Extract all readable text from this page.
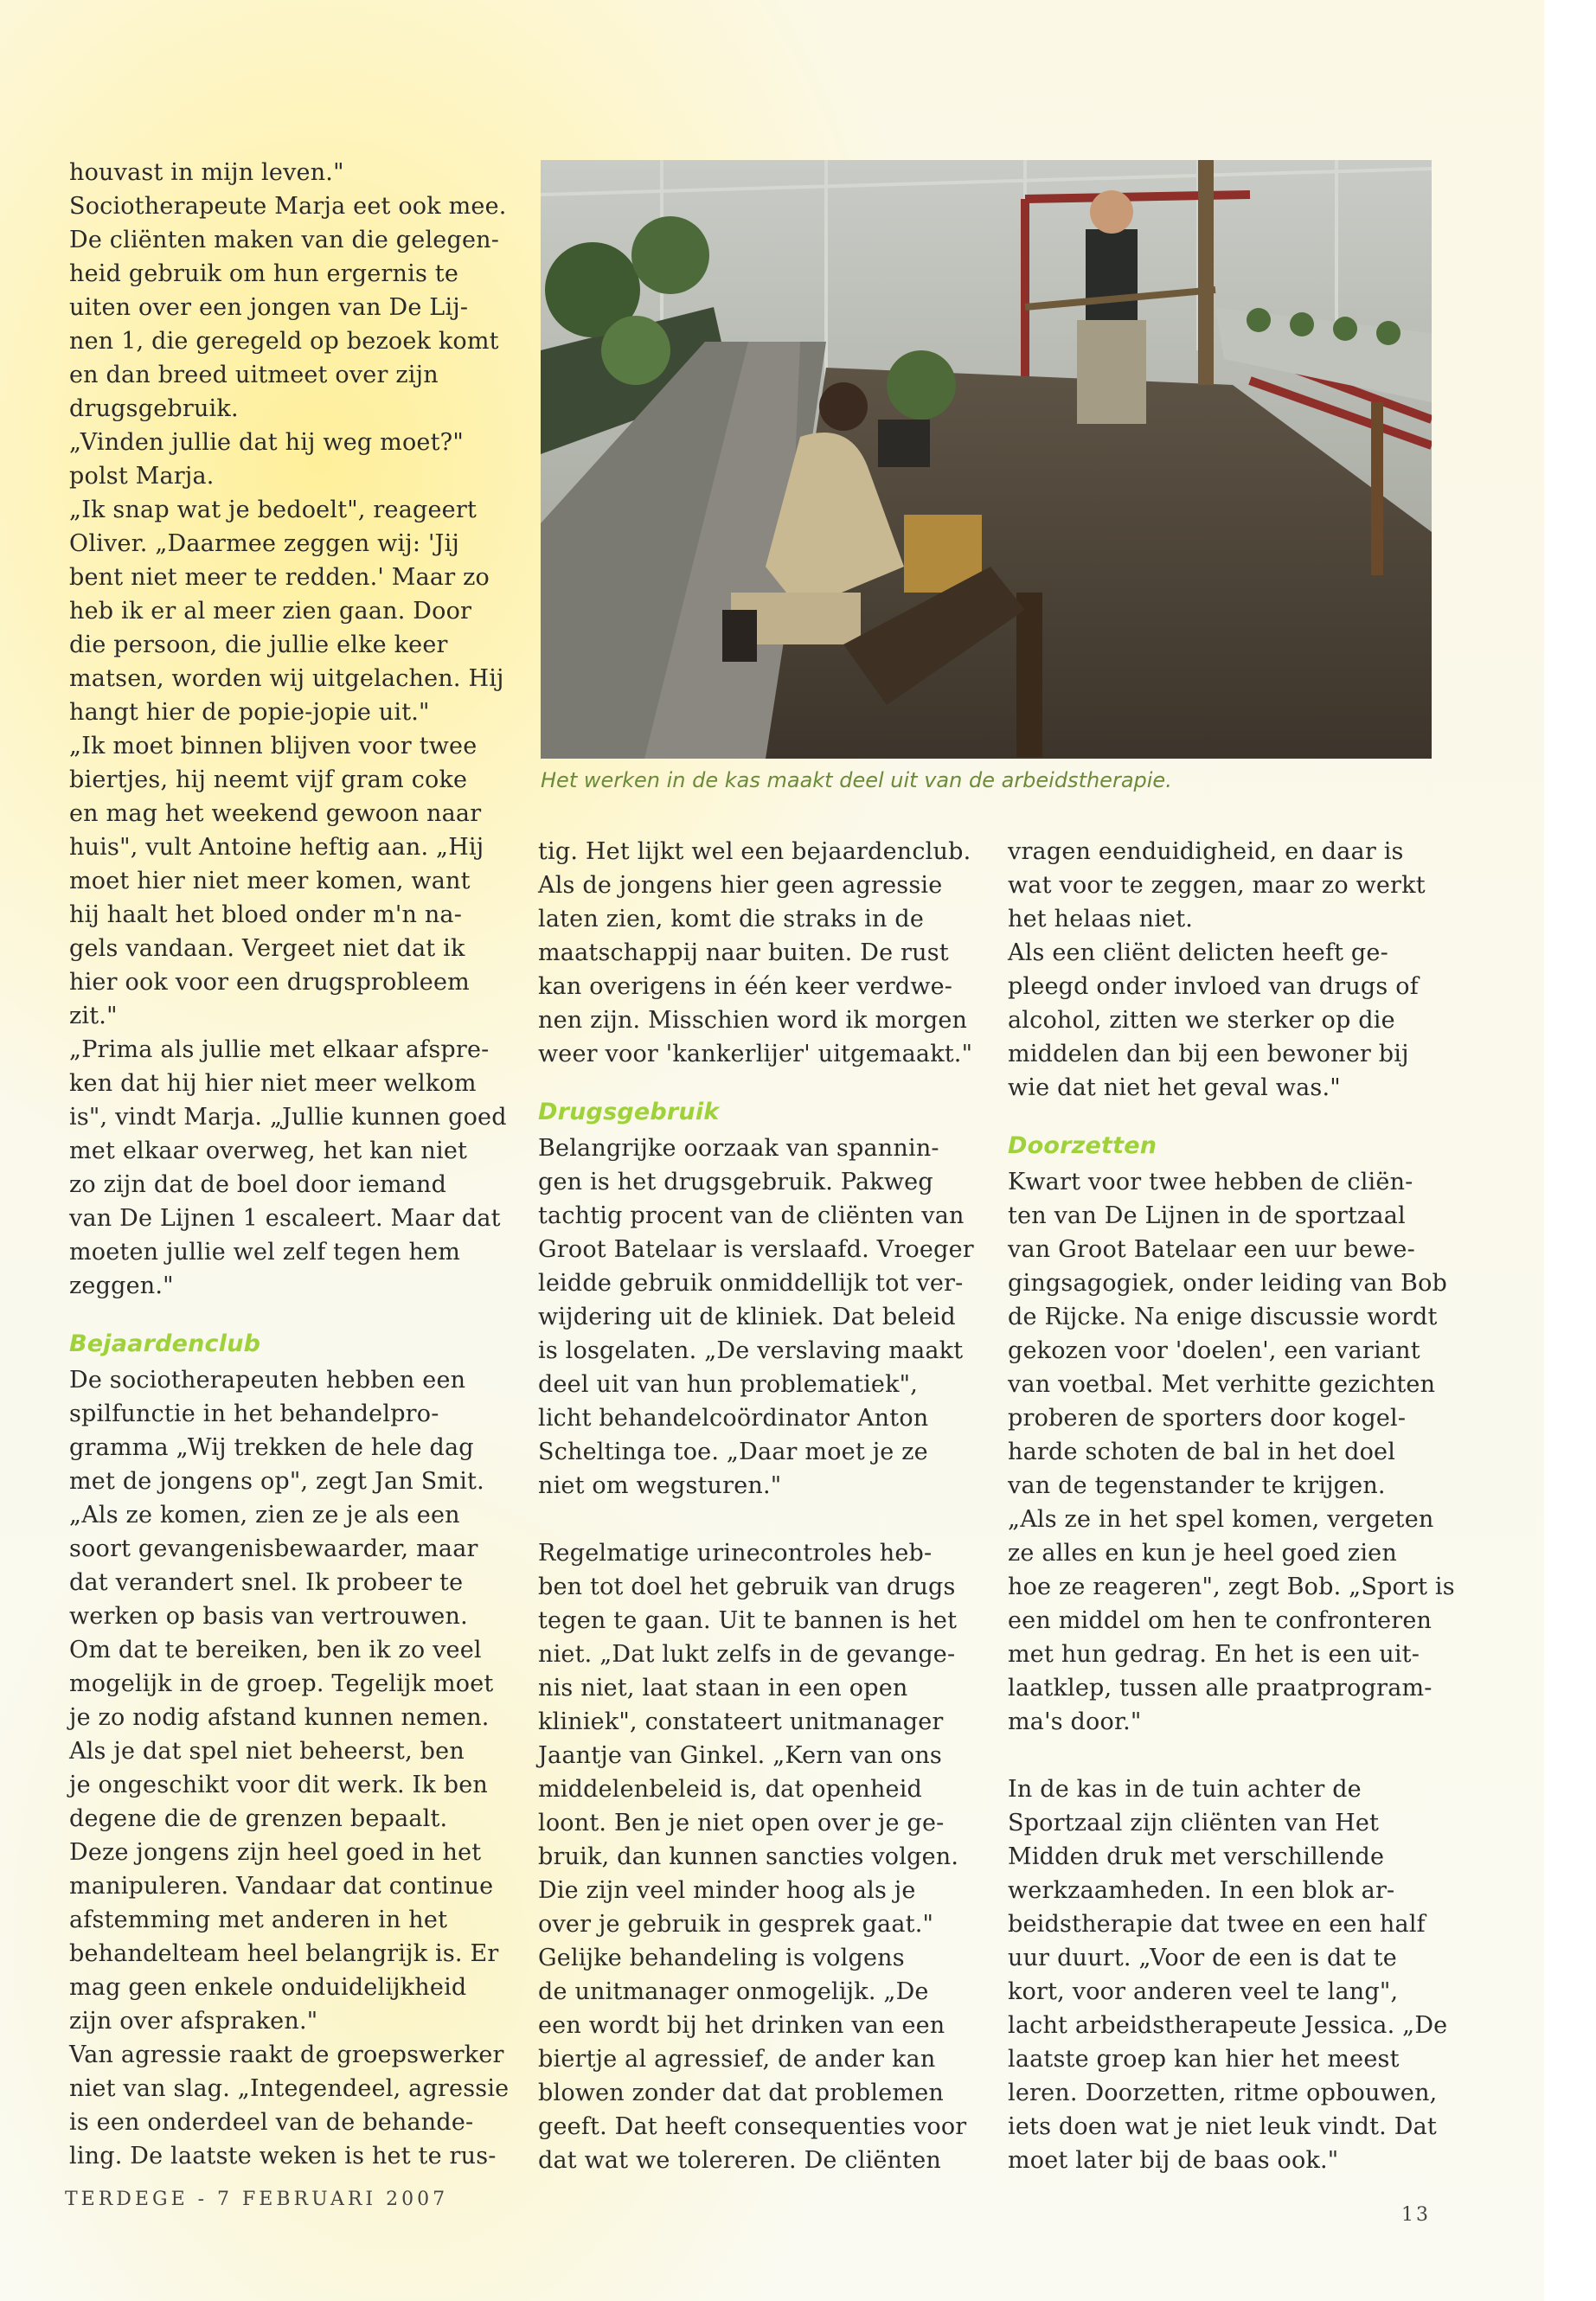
houvast in mijn leven."
Sociotherapeute Marja eet ook mee.
De cliënten maken van die gelegen-
heid gebruik om hun ergernis te
uiten over een jongen van De Lij-
nen 1, die geregeld op bezoek komt
en dan breed uitmeet over zijn
drugsgebruik.
„Vinden jullie dat hij weg moet?"
polst Marja.
„Ik snap wat je bedoelt", reageert
Oliver. „Daarmee zeggen wij: 'Jij
bent niet meer te redden.' Maar zo
heb ik er al meer zien gaan. Door
die persoon, die jullie elke keer
matsen, worden wij uitgelachen. Hij
hangt hier de popie-jopie uit."
„Ik moet binnen blijven voor twee
biertjes, hij neemt vijf gram coke
en mag het weekend gewoon naar
huis", vult Antoine heftig aan. „Hij
moet hier niet meer komen, want
hij haalt het bloed onder m'n na-
gels vandaan. Vergeet niet dat ik
hier ook voor een drugsprobleem
zit."
„Prima als jullie met elkaar afspre-
ken dat hij hier niet meer welkom
is", vindt Marja. „Jullie kunnen goed
met elkaar overweg, het kan niet
zo zijn dat de boel door iemand
van De Lijnen 1 escaleert. Maar dat
moeten jullie wel zelf tegen hem
zeggen."

Bejaardenclub

De sociotherapeuten hebben een
spilfunctie in het behandelpro-
gramma „Wij trekken de hele dag
met de jongens op", zegt Jan Smit.
„Als ze komen, zien ze je als een
soort gevangenisbewaarder, maar
dat verandert snel. Ik probeer te
werken op basis van vertrouwen.
Om dat te bereiken, ben ik zo veel
mogelijk in de groep. Tegelijk moet
je zo nodig afstand kunnen nemen.
Als je dat spel niet beheerst, ben
je ongeschikt voor dit werk. Ik ben
degene die de grenzen bepaalt.
Deze jongens zijn heel goed in het
manipuleren. Vandaar dat continue
afstemming met anderen in het
behandelteam heel belangrijk is. Er
mag geen enkele onduidelijkheid
zijn over afspraken."
Van agressie raakt de groepswerker
niet van slag. „Integendeel, agressie
is een onderdeel van de behande-
ling. De laatste weken is het te rus-

Het werken in de kas maakt deel uit van de arbeidstherapie.

tig. Het lijkt wel een bejaardenclub.
Als de jongens hier geen agressie
laten zien, komt die straks in de
maatschappij naar buiten. De rust
kan overigens in één keer verdwe-
nen zijn. Misschien word ik morgen
weer voor 'kankerlijer' uitgemaakt."

Drugsgebruik

Belangrijke oorzaak van spannin-
gen is het drugsgebruik. Pakweg
tachtig procent van de cliënten van
Groot Batelaar is verslaafd. Vroeger
leidde gebruik onmiddellijk tot ver-
wijdering uit de kliniek. Dat beleid
is losgelaten. „De verslaving maakt
deel uit van hun problematiek",
licht behandelcoördinator Anton
Scheltinga toe. „Daar moet je ze
niet om wegsturen."

Regelmatige urinecontroles heb-
ben tot doel het gebruik van drugs
tegen te gaan. Uit te bannen is het
niet. „Dat lukt zelfs in de gevange-
nis niet, laat staan in een open
kliniek", constateert unitmanager
Jaantje van Ginkel. „Kern van ons
middelenbeleid is, dat openheid
loont. Ben je niet open over je ge-
bruik, dan kunnen sancties volgen.
Die zijn veel minder hoog als je
over je gebruik in gesprek gaat."
Gelijke behandeling is volgens
de unitmanager onmogelijk. „De
een wordt bij het drinken van een
biertje al agressief, de ander kan
blowen zonder dat dat problemen
geeft. Dat heeft consequenties voor
dat wat we tolereren. De cliënten

vragen eenduidigheid, en daar is
wat voor te zeggen, maar zo werkt
het helaas niet.
Als een cliënt delicten heeft ge-
pleegd onder invloed van drugs of
alcohol, zitten we sterker op die
middelen dan bij een bewoner bij
wie dat niet het geval was."

Doorzetten

Kwart voor twee hebben de cliën-
ten van De Lijnen in de sportzaal
van Groot Batelaar een uur bewe-
gingsagogiek, onder leiding van Bob
de Rijcke. Na enige discussie wordt
gekozen voor 'doelen', een variant
van voetbal. Met verhitte gezichten
proberen de sporters door kogel-
harde schoten de bal in het doel
van de tegenstander te krijgen.
„Als ze in het spel komen, vergeten
ze alles en kun je heel goed zien
hoe ze reageren", zegt Bob. „Sport is
een middel om hen te confronteren
met hun gedrag. En het is een uit-
laatklep, tussen alle praatprogram-
ma's door."

In de kas in de tuin achter de
Sportzaal zijn cliënten van Het
Midden druk met verschillende
werkzaamheden. In een blok ar-
beidstherapie dat twee en een half
uur duurt. „Voor de een is dat te
kort, voor anderen veel te lang",
lacht arbeidstherapeute Jessica. „De
laatste groep kan hier het meest
leren. Doorzetten, ritme opbouwen,
iets doen wat je niet leuk vindt. Dat
moet later bij de baas ook."

TERDEGE - 7 FEBRUARI 2007
13
